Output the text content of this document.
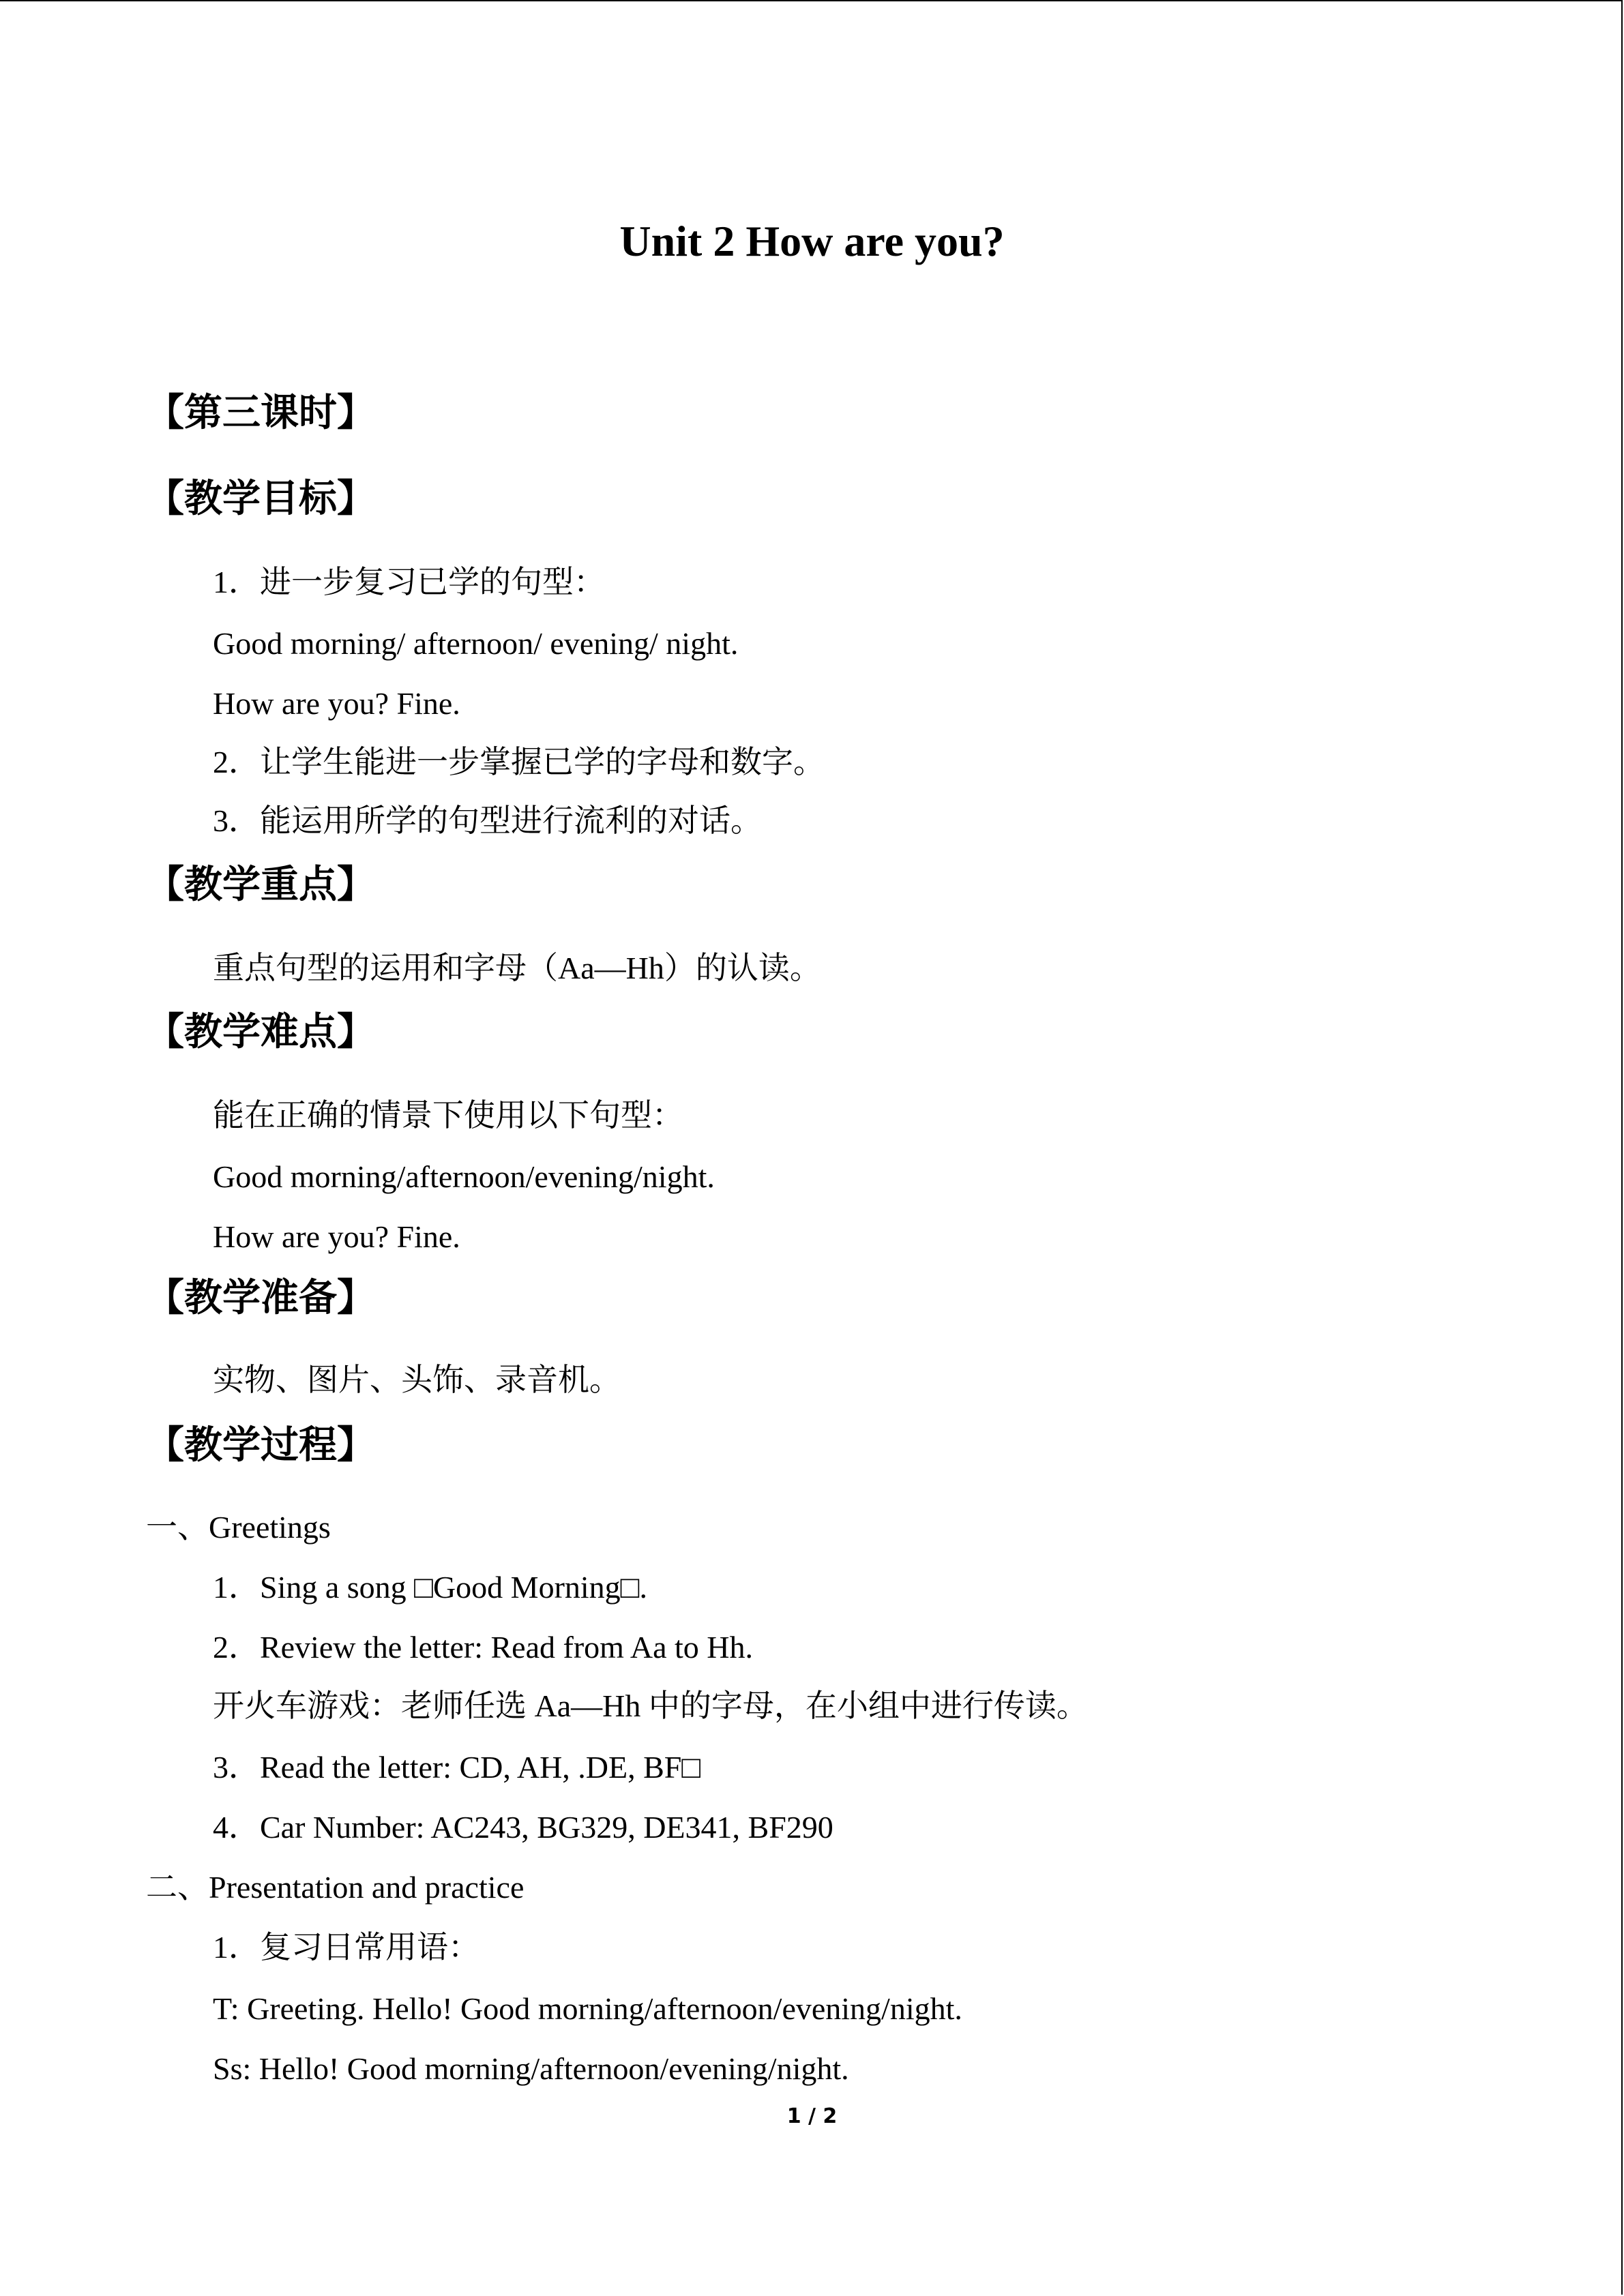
Unit 2 How are you?
【第三课时】
【教学目标】
1．进一步复习已学的句型：
Good morning/ afternoon/ evening/ night.
How are you? Fine.
2．让学生能进一步掌握已学的字母和数字。
3．能运用所学的句型进行流利的对话。
【教学重点】
重点句型的运用和字母（Aa—Hh）的认读。
【教学难点】
能在正确的情景下使用以下句型：
Good morning/afternoon/evening/night.
How are you? Fine.
【教学准备】
实物、图片、头饰、录音机。
【教学过程】
一、Greetings
1．Sing a song □Good Morning□.
2．Review the letter: Read from Aa to Hh.
开火车游戏：老师任选 Aa—Hh 中的字母，在小组中进行传读。
3．Read the letter: CD, AH, .DE, BF□
4．Car Number: AC243, BG329, DE341, BF290
二、Presentation and practice
1．复习日常用语：
T: Greeting. Hello! Good morning/afternoon/evening/night.
Ss: Hello! Good morning/afternoon/evening/night.
1 / 2
